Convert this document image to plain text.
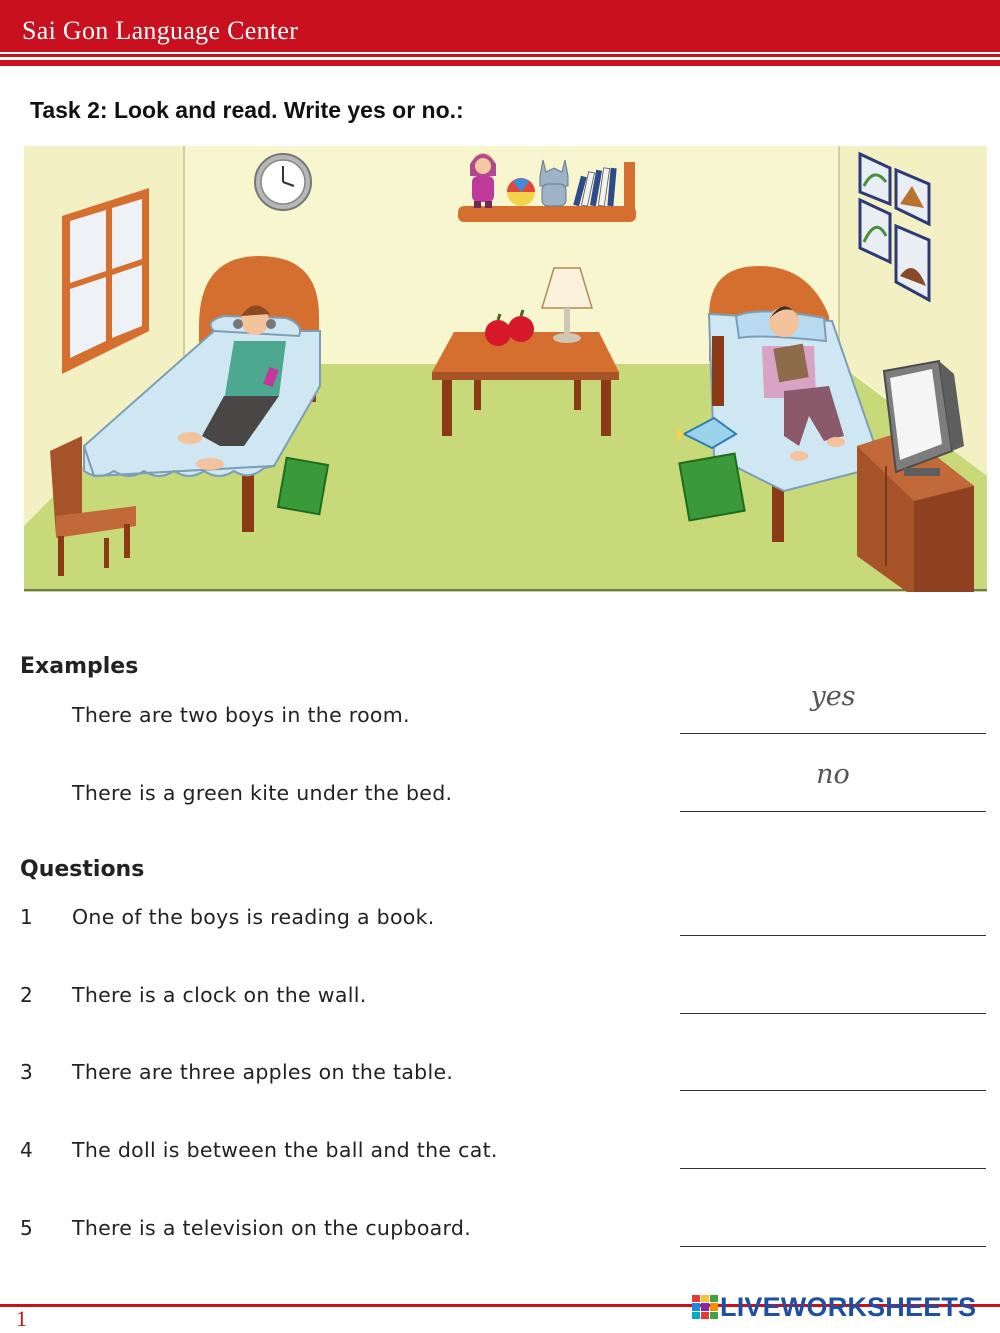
Sai Gon Language Center
Task 2: Look and read. Write yes or no.:
Examples
There are two boys in the room.
yes
There is a green kite under the bed.
no
Questions
1 One of the boys is reading a book.
2 There is a clock on the wall.
3 There are three apples on the table.
4 The doll is between the ball and the cat.
5 There is a television on the cupboard.
1	LIVEWORKSHEETS
